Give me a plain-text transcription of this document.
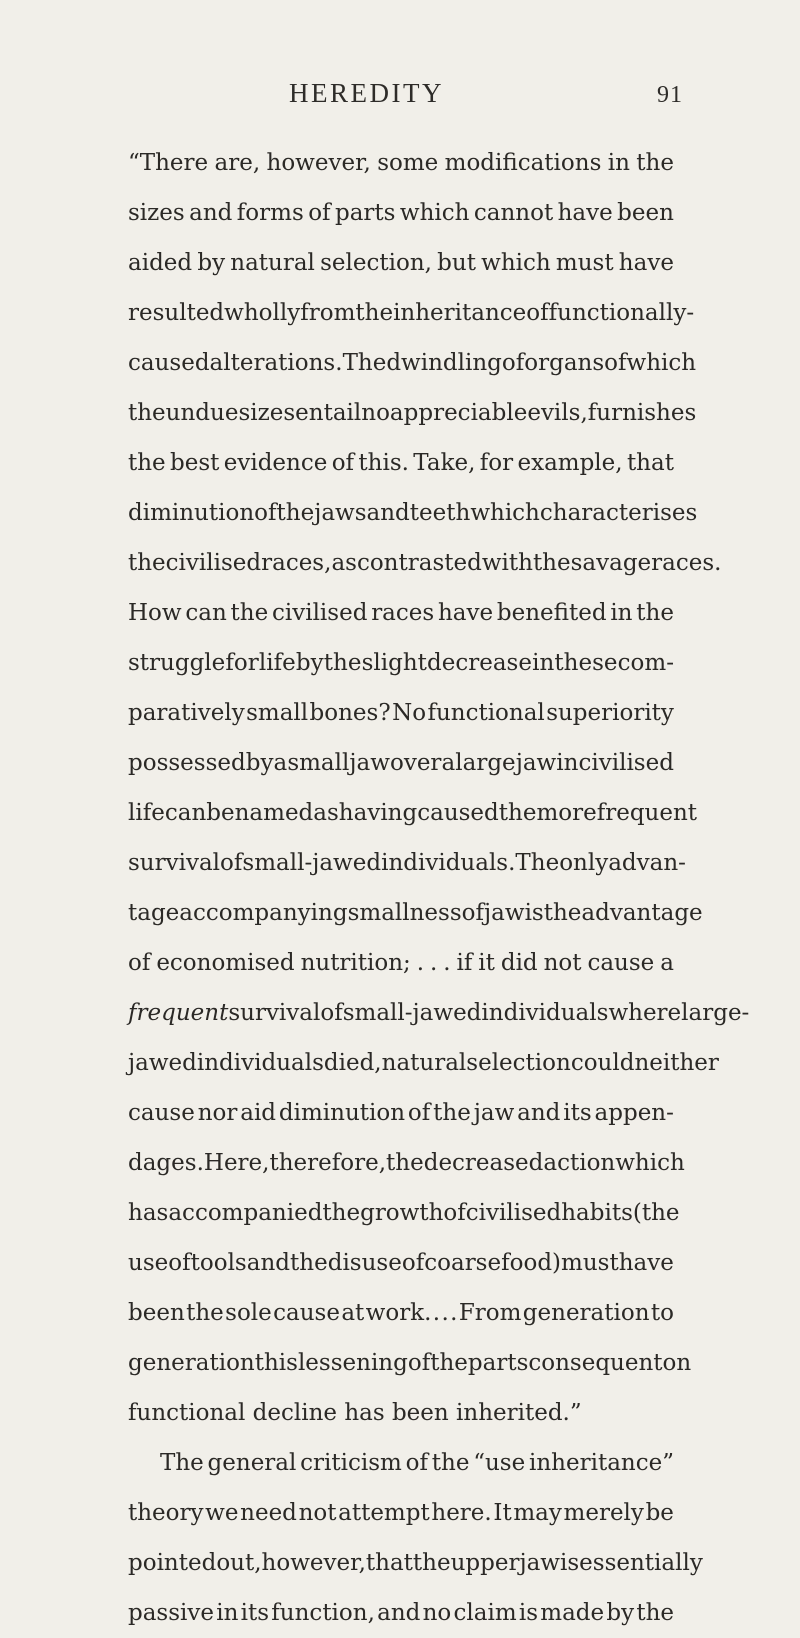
HEREDITY	91
“There are, however, some modifications in the
sizes and forms of parts which cannot have been
aided by natural selection, but which must have
resulted wholly from the inheritance of functionally-
caused alterations. The dwindling of organs of which
the undue sizes entail no appreciable evils, furnishes
the best evidence of this. Take, for example, that
diminution of the jaws and teeth which characterises
the civilised races, as contrasted with the savage races.
How can the civilised races have benefited in the
struggle for life by the slight decrease in these com-
paratively small bones? No functional superiority
possessed by a small jaw over a large jaw in civilised
life can be named as having caused the more frequent
survival of small-jawed individuals. The only advan-
tage accompanying smallness of jaw is the advantage
of economised nutrition; . . . if it did not cause a
frequent survival of small-jawed individuals where large-
jawed individuals died, natural selection could neither
cause nor aid diminution of the jaw and its appen-
dages. Here, therefore, the decreased action which
has accompanied the growth of civilised habits (the
use of tools and the disuse of coarse food) must have
been the sole cause at work. . . . From generation to
generation this lessening of the parts consequent on
functional decline has been inherited.”
The general criticism of the “use inheritance”
theory we need not attempt here. It may merely be
pointed out, however, that the upper jaw is essentially
passive in its function, and no claim is made by the
